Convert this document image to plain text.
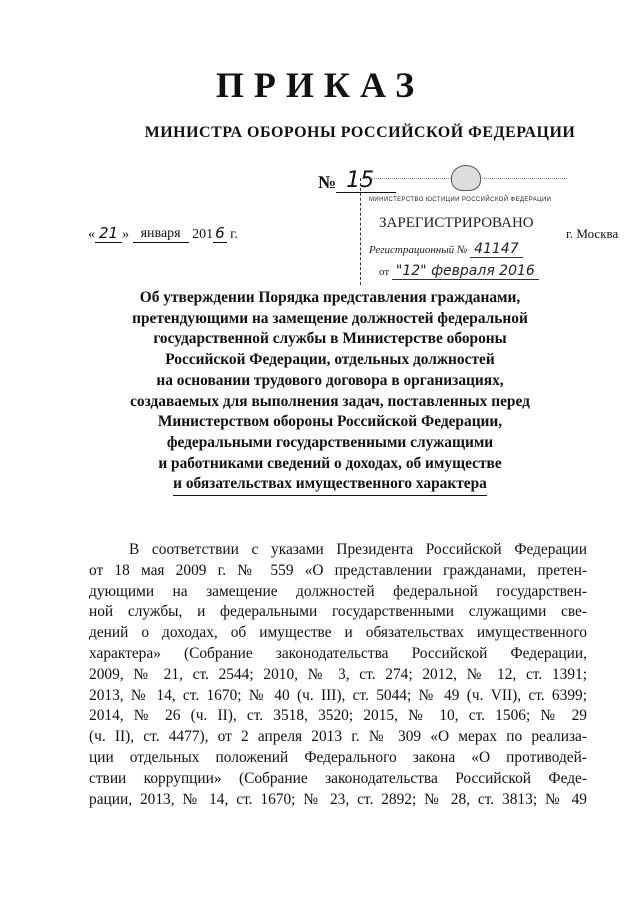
ПРИКАЗ
МИНИСТРА ОБОРОНЫ РОССИЙСКОЙ ФЕДЕРАЦИИ
№ 15
« 21 »
января
201 6
г.
МИНИСТЕРСТВО ЮСТИЦИИ РОССИЙСКОЙ ФЕДЕРАЦИИ
ЗАРЕГИСТРИРОВАНО
Регистрационный № 41147
от "12" февраля 2016
г. Москва
Об утверждении Порядка представления гражданами,
претендующими на замещение должностей федеральной
государственной службы в Министерстве обороны
Российской Федерации, отдельных должностей
на основании трудового договора в организациях,
создаваемых для выполнения задач, поставленных перед
Министерством обороны Российской Федерации,
федеральными государственными служащими
и работниками сведений о доходах, об имуществе
и обязательствах имущественного характера
В соответствии с указами Президента Российской Федерации
от 18 мая 2009 г. № 559 «О представлении гражданами, претен-
дующими на замещение должностей федеральной государствен-
ной службы, и федеральными государственными служащими све-
дений о доходах, об имуществе и обязательствах имущественного
характера» (Собрание законодательства Российской Федерации,
2009, № 21, ст. 2544; 2010, № 3, ст. 274; 2012, № 12, ст. 1391;
2013, № 14, ст. 1670; № 40 (ч. III), ст. 5044; № 49 (ч. VII), ст. 6399;
2014, № 26 (ч. II), ст. 3518, 3520; 2015, № 10, ст. 1506; № 29
(ч. II), ст. 4477), от 2 апреля 2013 г. № 309 «О мерах по реализа-
ции отдельных положений Федерального закона «О противодей-
ствии коррупции» (Собрание законодательства Российской Феде-
рации, 2013, № 14, ст. 1670; № 23, ст. 2892; № 28, ст. 3813; № 49
